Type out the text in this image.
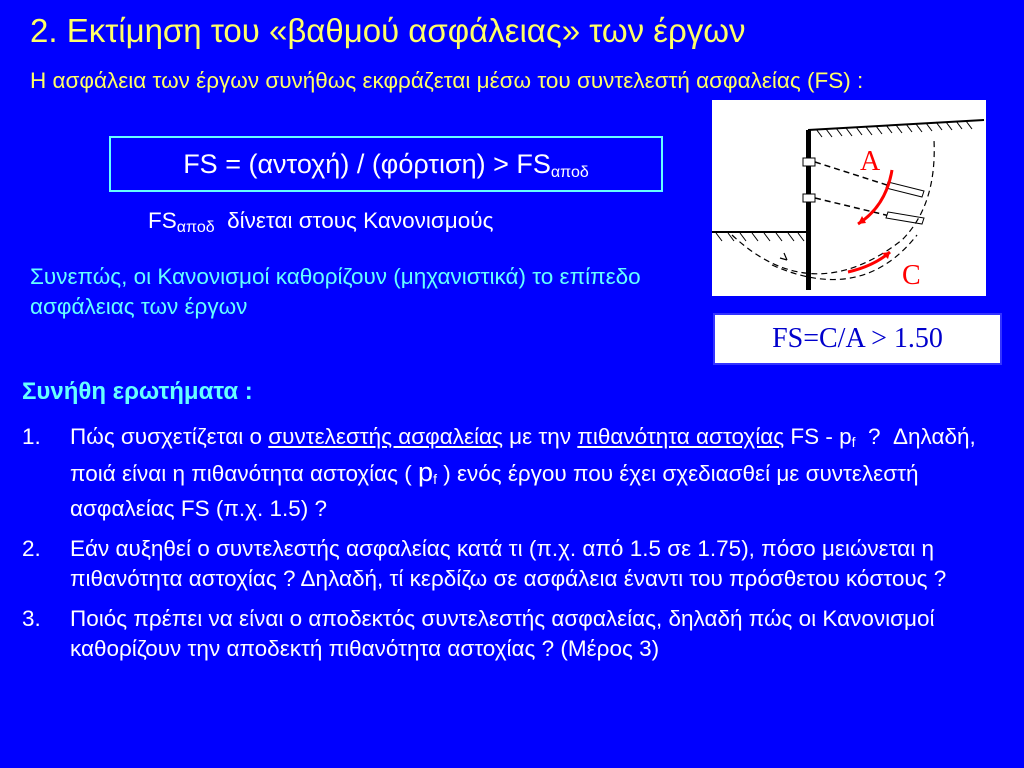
2. Εκτίμηση του «βαθμού ασφάλειας» των έργων
Η ασφάλεια των έργων συνήθως εκφράζεται μέσω του συντελεστή ασφαλείας (FS) :
FS = $(\alpha\nu\tau o\chi ή) / (\varphi ό\rho\tau\iota\sigma\eta) > FS_{\alpha\pi o\delta}$
$FS_{\alpha\pi o\delta}$  δίνεται στους Κανονισμούς
Συνεπώς, οι Κανονισμοί καθορίζουν (μηχανιστικά) το επίπεδο ασφάλειας των έργων
A
C
FS=C/A > 1.50
Συνήθη ερωτήματα :
1. Πώς συσχετίζεται ο συντελεστής ασφαλείας με την πιθανότητα αστοχίας FS - $p_f$  ?  Δηλαδή, ποιά είναι η πιθανότητα αστοχίας ( $p_f$ ) ενός έργου που έχει σχεδιασθεί με συντελεστή ασφαλείας FS (π.χ. 1.5) ?
2. Εάν αυξηθεί ο συντελεστής ασφαλείας κατά τι (π.χ. από 1.5 σε 1.75), πόσο μειώνεται η πιθανότητα αστοχίας ? Δηλαδή, τί κερδίζω σε ασφάλεια έναντι του πρόσθετου κόστους ?
3. Ποιός πρέπει να είναι ο αποδεκτός συντελεστής ασφαλείας, δηλαδή πώς οι Κανονισμοί καθορίζουν την αποδεκτή πιθανότητα αστοχίας ? (Μέρος 3)
